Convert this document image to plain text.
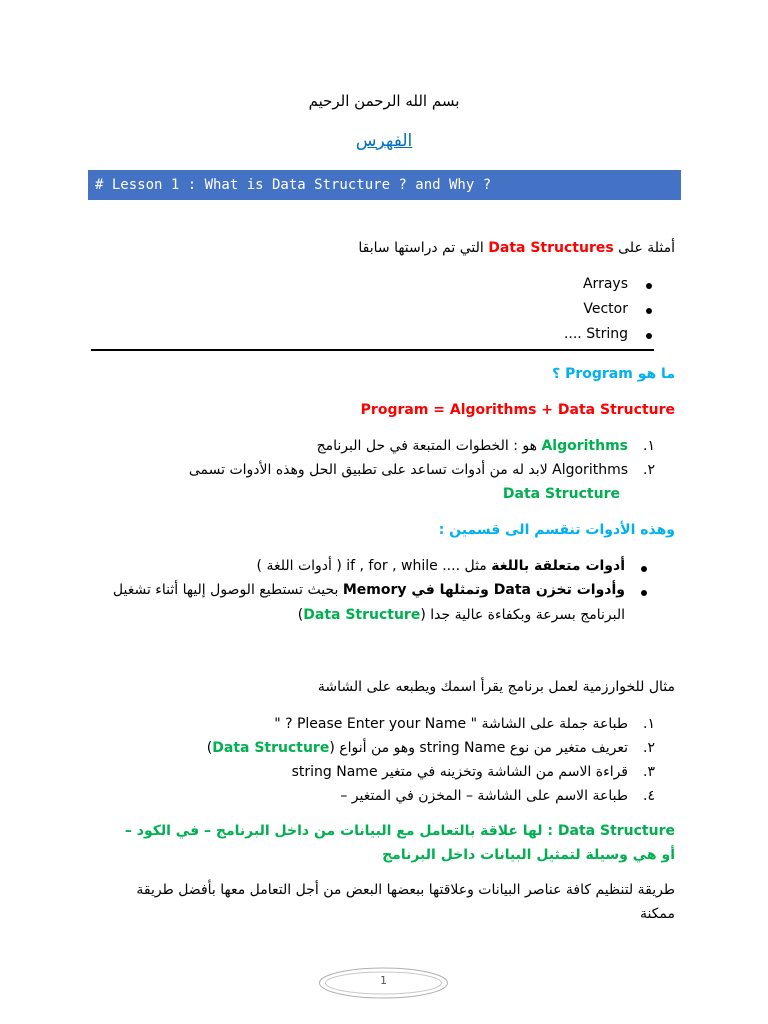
بسم الله الرحمن الرحيم
الفهرس
# Lesson 1 : What is Data Structure ? and Why ?
أمثلة على Data Structures التي تم دراستها سابقا
Arrays
Vector
String ....
ما هو Program ؟
Program = Algorithms + Data Structure
.١
Algorithms هو : الخطوات المتبعة في حل البرنامج
.٢
Algorithms لابد له من أدوات تساعد على تطبيق الحل وهذه الأدوات تسمى
Data Structure
وهذه الأدوات تنقسم الى قسمين :
أدوات متعلقة باللغة مثل .... if , for , while ( أدوات اللغة )
وأدوات تخزن Data وتمثلها في Memory بحيث تستطيع الوصول إليها أثناء تشغيل
البرنامج بسرعة وبكفاءة عالية جدا (Data Structure)
مثال للخوارزمية لعمل برنامج يقرأ اسمك ويطبعه على الشاشة
.١
طباعة جملة على الشاشة " Please Enter your Name ? "
.٢
تعريف متغير من نوع string Name وهو من أنواع (Data Structure)
.٣
قراءة الاسم من الشاشة وتخزينه في متغير string Name
.٤
طباعة الاسم على الشاشة – المخزن في المتغير –
Data Structure : لها علاقة بالتعامل مع البيانات من داخل البرنامج – في الكود –
أو هي وسيلة لتمثيل البيانات داخل البرنامج
طريقة لتنظيم كافة عناصر البيانات وعلاقتها ببعضها البعض من أجل التعامل معها بأفضل طريقة
ممكنة
1
